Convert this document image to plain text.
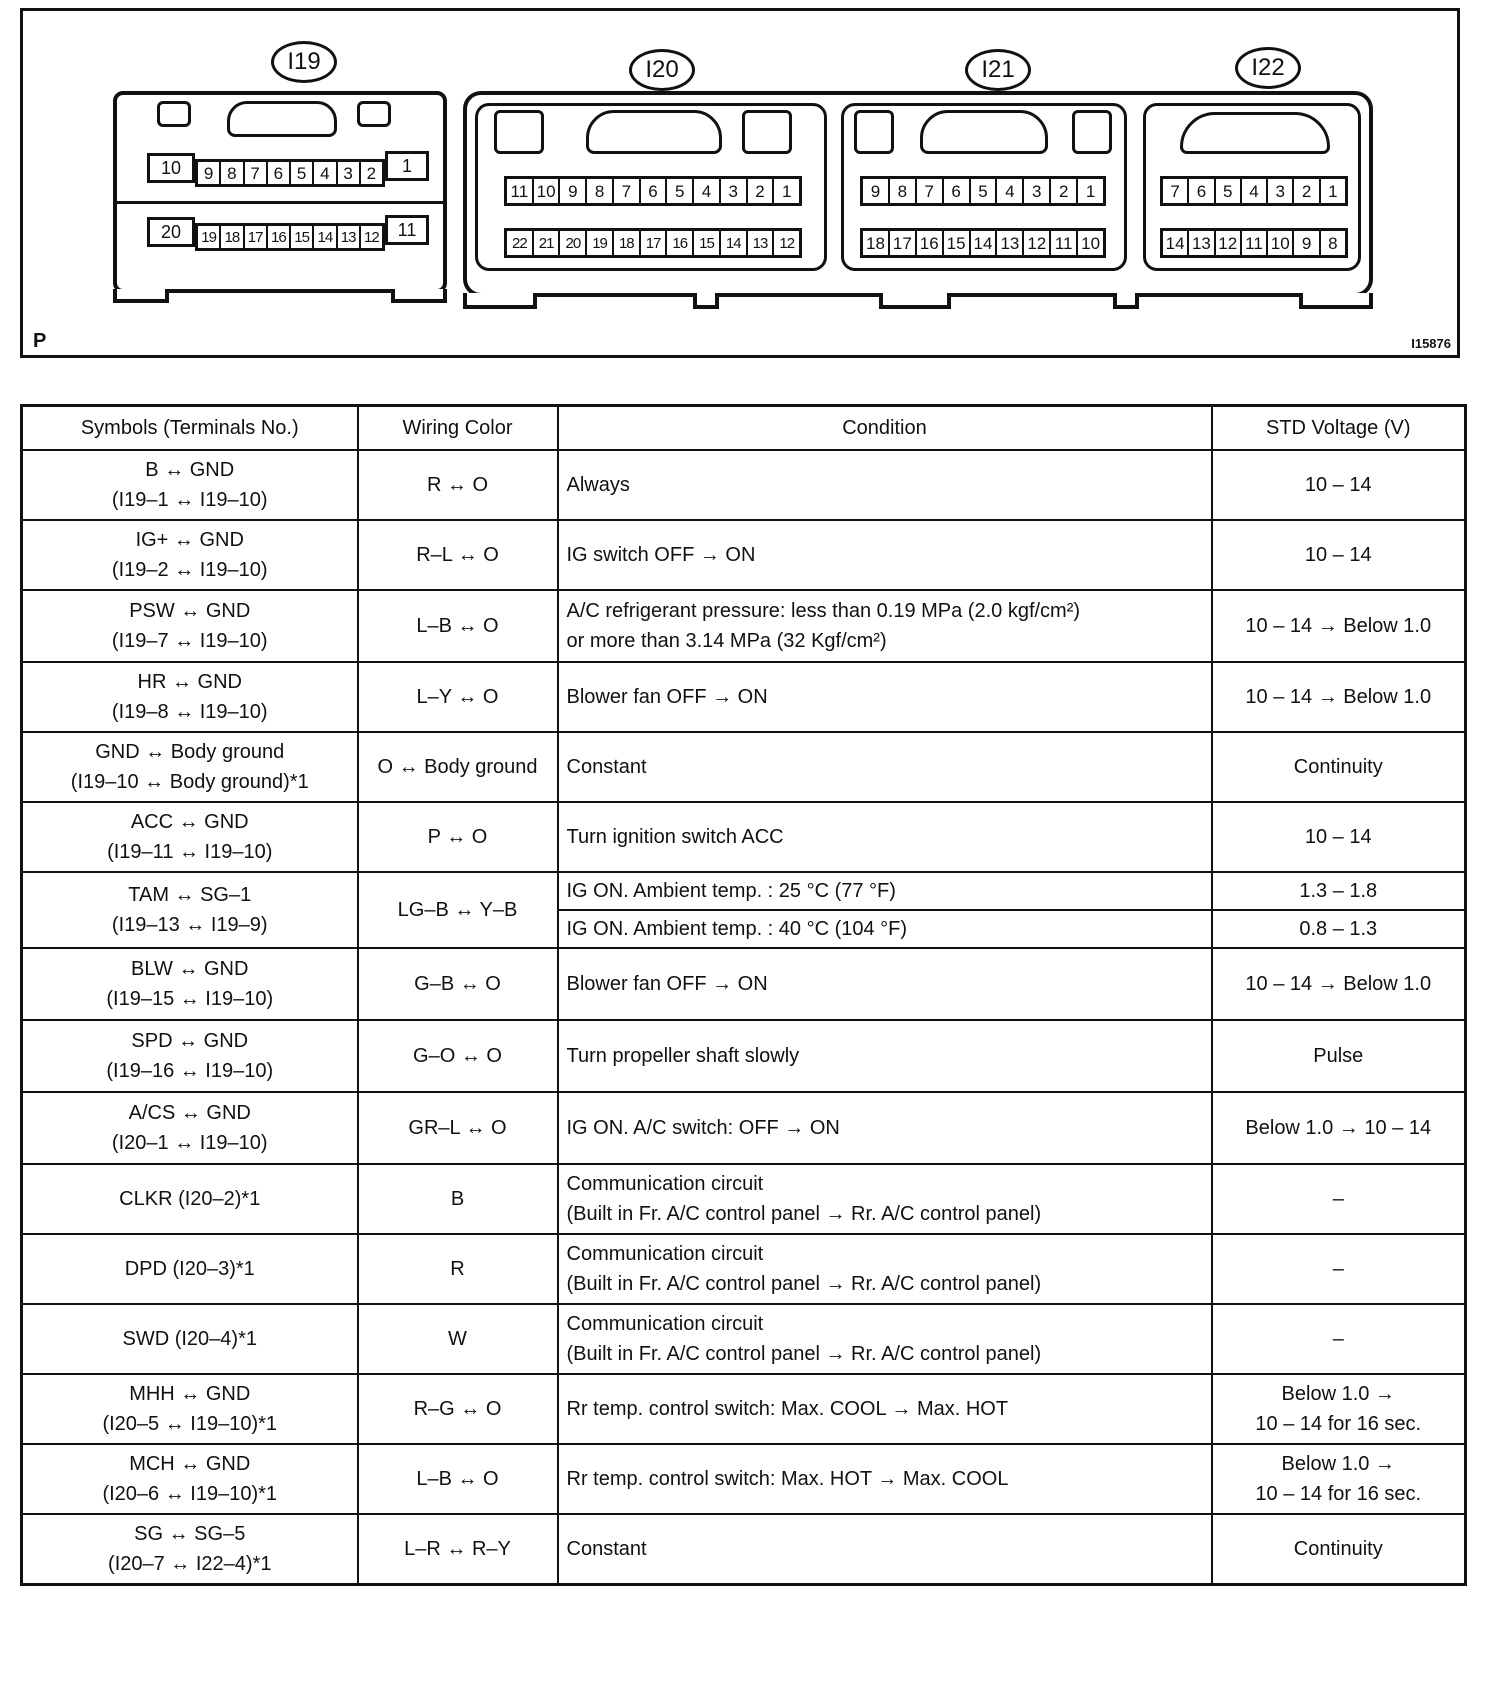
I19
10	9 8 7 6 5 4 3 2	1
20	19 18 17 16 15 14 13 12	11
I20
11 10 9	8	7	6	5	4	3	2	1
22 21 20 19 18 17 16 15 14 13 12
I21
9	8	7	6	5	4	3	2	1
18 17 16 15 14 13 12 11 10
I22
7 6 5 4 3 2 1
14 13 12 11 10 9 8
P	I15876
Symbols (Terminals No.)	Wiring Color	Condition	STD Voltage (V)

B ↔ GND
(I19–1 ↔ I19–10)	R ↔ O	Always	10 – 14

IG+ ↔ GND
(I19–2 ↔ I19–10)	R–L ↔ O	IG switch OFF → ON	10 – 14

PSW ↔ GND
(I19–7 ↔ I19–10)	L–B ↔ O	A/C refrigerant pressure: less than 0.19 MPa (2.0 kgf/cm²)
or more than 3.14 MPa (32 Kgf/cm²)	10 – 14 → Below 1.0

HR ↔ GND
(I19–8 ↔ I19–10)	L–Y ↔ O	Blower fan OFF → ON	10 – 14 → Below 1.0

GND ↔ Body ground
(I19–10 ↔ Body ground)*1	O ↔ Body ground	Constant	Continuity

ACC ↔ GND
(I19–11 ↔ I19–10)	P ↔ O	Turn ignition switch ACC	10 – 14

TAM ↔ SG–1
(I19–13 ↔ I19–9)	LG–B ↔ Y–B	IG ON. Ambient temp. : 25 °C (77 °F)	1.3 – 1.8

		IG ON. Ambient temp. : 40 °C (104 °F)	0.8 – 1.3

BLW ↔ GND
(I19–15 ↔ I19–10)	G–B ↔ O	Blower fan OFF → ON	10 – 14 → Below 1.0

SPD ↔ GND
(I19–16 ↔ I19–10)	G–O ↔ O	Turn propeller shaft slowly	Pulse

A/CS ↔ GND
(I20–1 ↔ I19–10)	GR–L ↔ O	IG ON. A/C switch: OFF → ON	Below 1.0 → 10 – 14

CLKR (I20–2)*1	B	Communication circuit
(Built in Fr. A/C control panel → Rr. A/C control panel)	–

DPD (I20–3)*1	R	Communication circuit
(Built in Fr. A/C control panel → Rr. A/C control panel)	–

SWD (I20–4)*1	W	Communication circuit
(Built in Fr. A/C control panel → Rr. A/C control panel)	–

MHH ↔ GND
(I20–5 ↔ I19–10)*1	R–G ↔ O	Rr temp. control switch: Max. COOL → Max. HOT	Below 1.0 →
10 – 14 for 16 sec.

MCH ↔ GND
(I20–6 ↔ I19–10)*1	L–B ↔ O	Rr temp. control switch: Max. HOT → Max. COOL	Below 1.0 →
10 – 14 for 16 sec.

SG ↔ SG–5
(I20–7 ↔ I22–4)*1	L–R ↔ R–Y	Constant	Continuity
